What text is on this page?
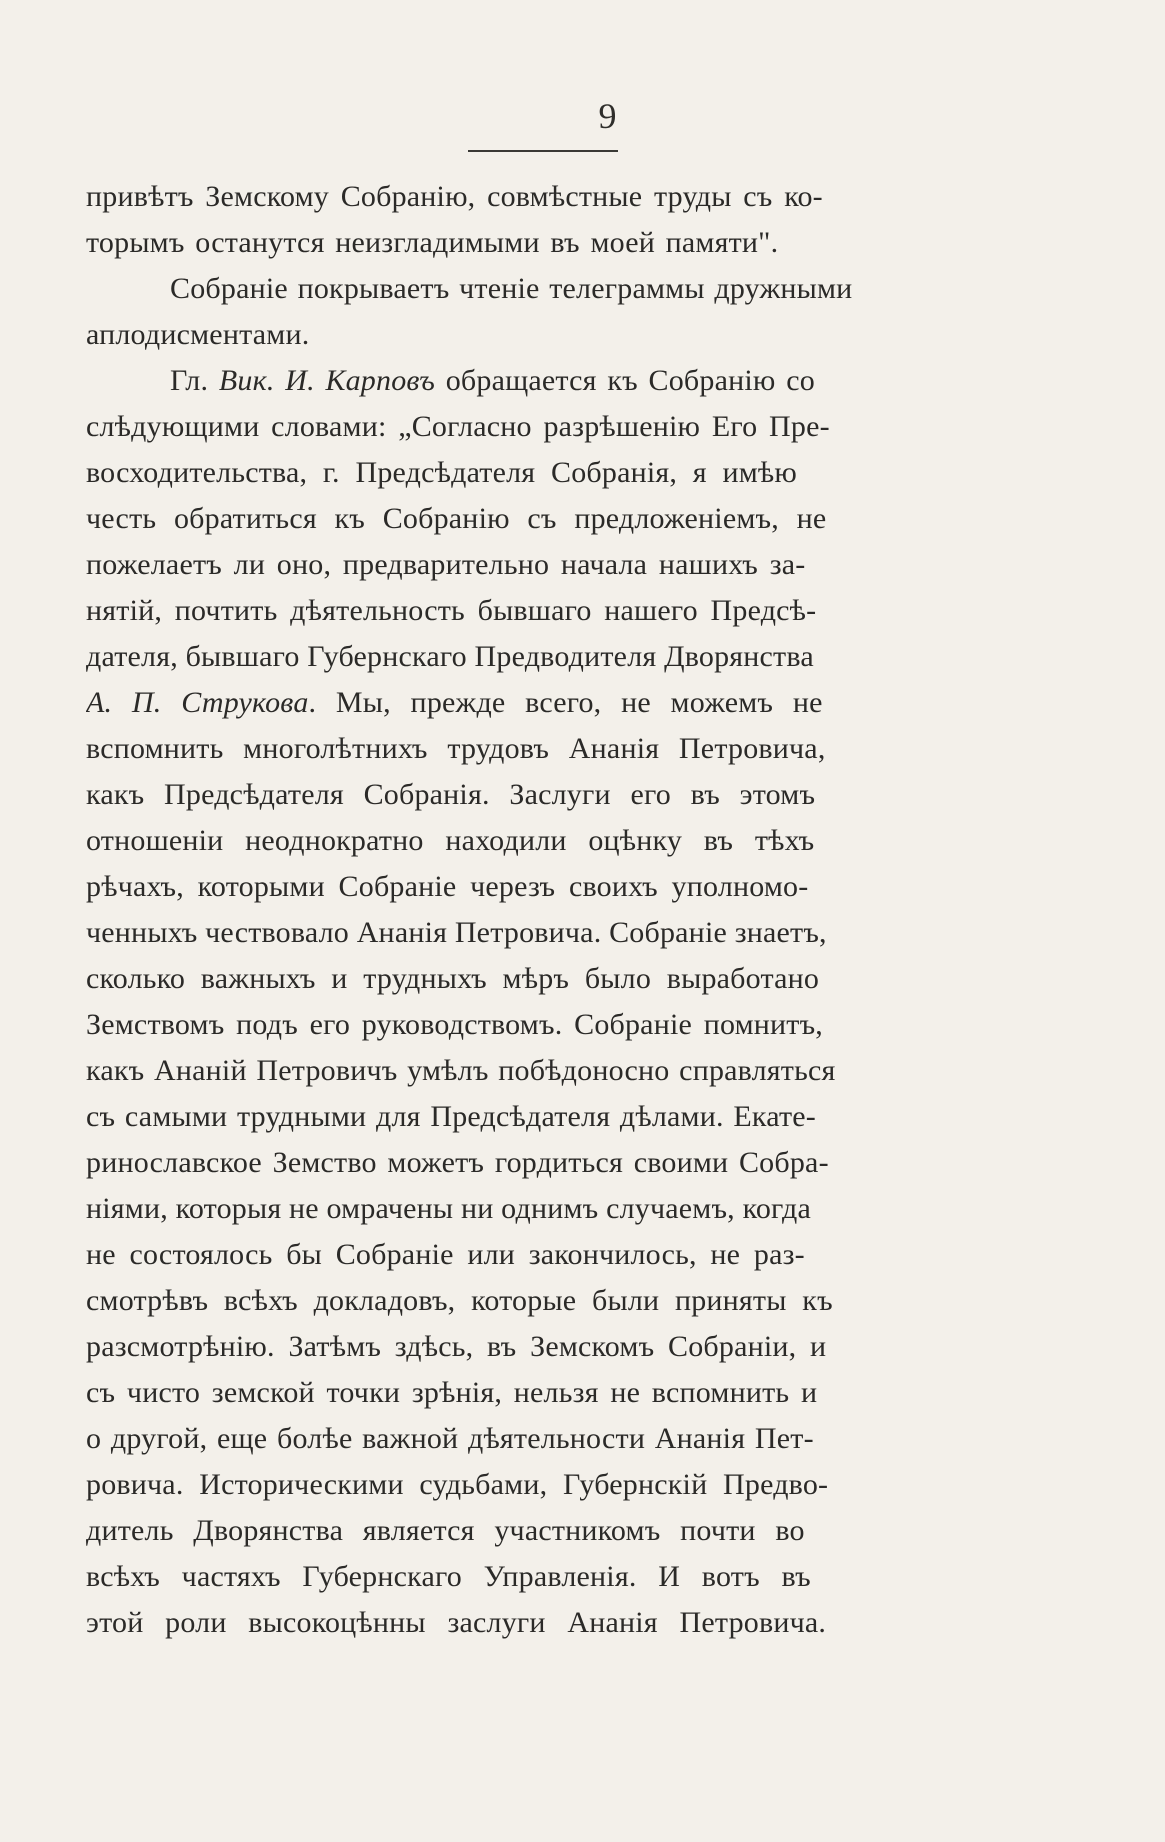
9
привѣтъ Земскому Собранію, совмѣстные труды съ ко-
торымъ останутся неизгладимыми въ моей памяти".
Собраніе покрываетъ чтеніе телеграммы дружными
аплодисментами.
Гл. Вик. И. Карповъ обращается къ Собранію со
слѣдующими словами: „Согласно разрѣшенію Его Пре-
восходительства, г. Предсѣдателя Собранія, я имѣю
честь обратиться къ Собранію съ предложеніемъ, не
пожелаетъ ли оно, предварительно начала нашихъ за-
нятій, почтить дѣятельность бывшаго нашего Предсѣ-
дателя, бывшаго Губернскаго Предводителя Дворянства
А. П. Струкова. Мы, прежде всего, не можемъ не
вспомнить многолѣтнихъ трудовъ Ананія Петровича,
какъ Предсѣдателя Собранія. Заслуги его въ этомъ
отношеніи неоднократно находили оцѣнку въ тѣхъ
рѣчахъ, которыми Собраніе черезъ своихъ уполномо-
ченныхъ чествовало Ананія Петровича. Собраніе знаетъ,
сколько важныхъ и трудныхъ мѣръ было выработано
Земствомъ подъ его руководствомъ. Собраніе помнитъ,
какъ Ананій Петровичъ умѣлъ побѣдоносно справляться
съ самыми трудными для Предсѣдателя дѣлами. Екате-
ринославское Земство можетъ гордиться своими Собра-
ніями, которыя не омрачены ни однимъ случаемъ, когда
не состоялось бы Собраніе или закончилось, не раз-
смотрѣвъ всѣхъ докладовъ, которые были приняты къ
разсмотрѣнію. Затѣмъ здѣсь, въ Земскомъ Собраніи, и
съ чисто земской точки зрѣнія, нельзя не вспомнить и
о другой, еще болѣе важной дѣятельности Ананія Пет-
ровича. Историческими судьбами, Губернскій Предво-
дитель Дворянства является участникомъ почти во
всѣхъ частяхъ Губернскаго Управленія. И вотъ въ
этой роли высокоцѣнны заслуги Ананія Петровича.
